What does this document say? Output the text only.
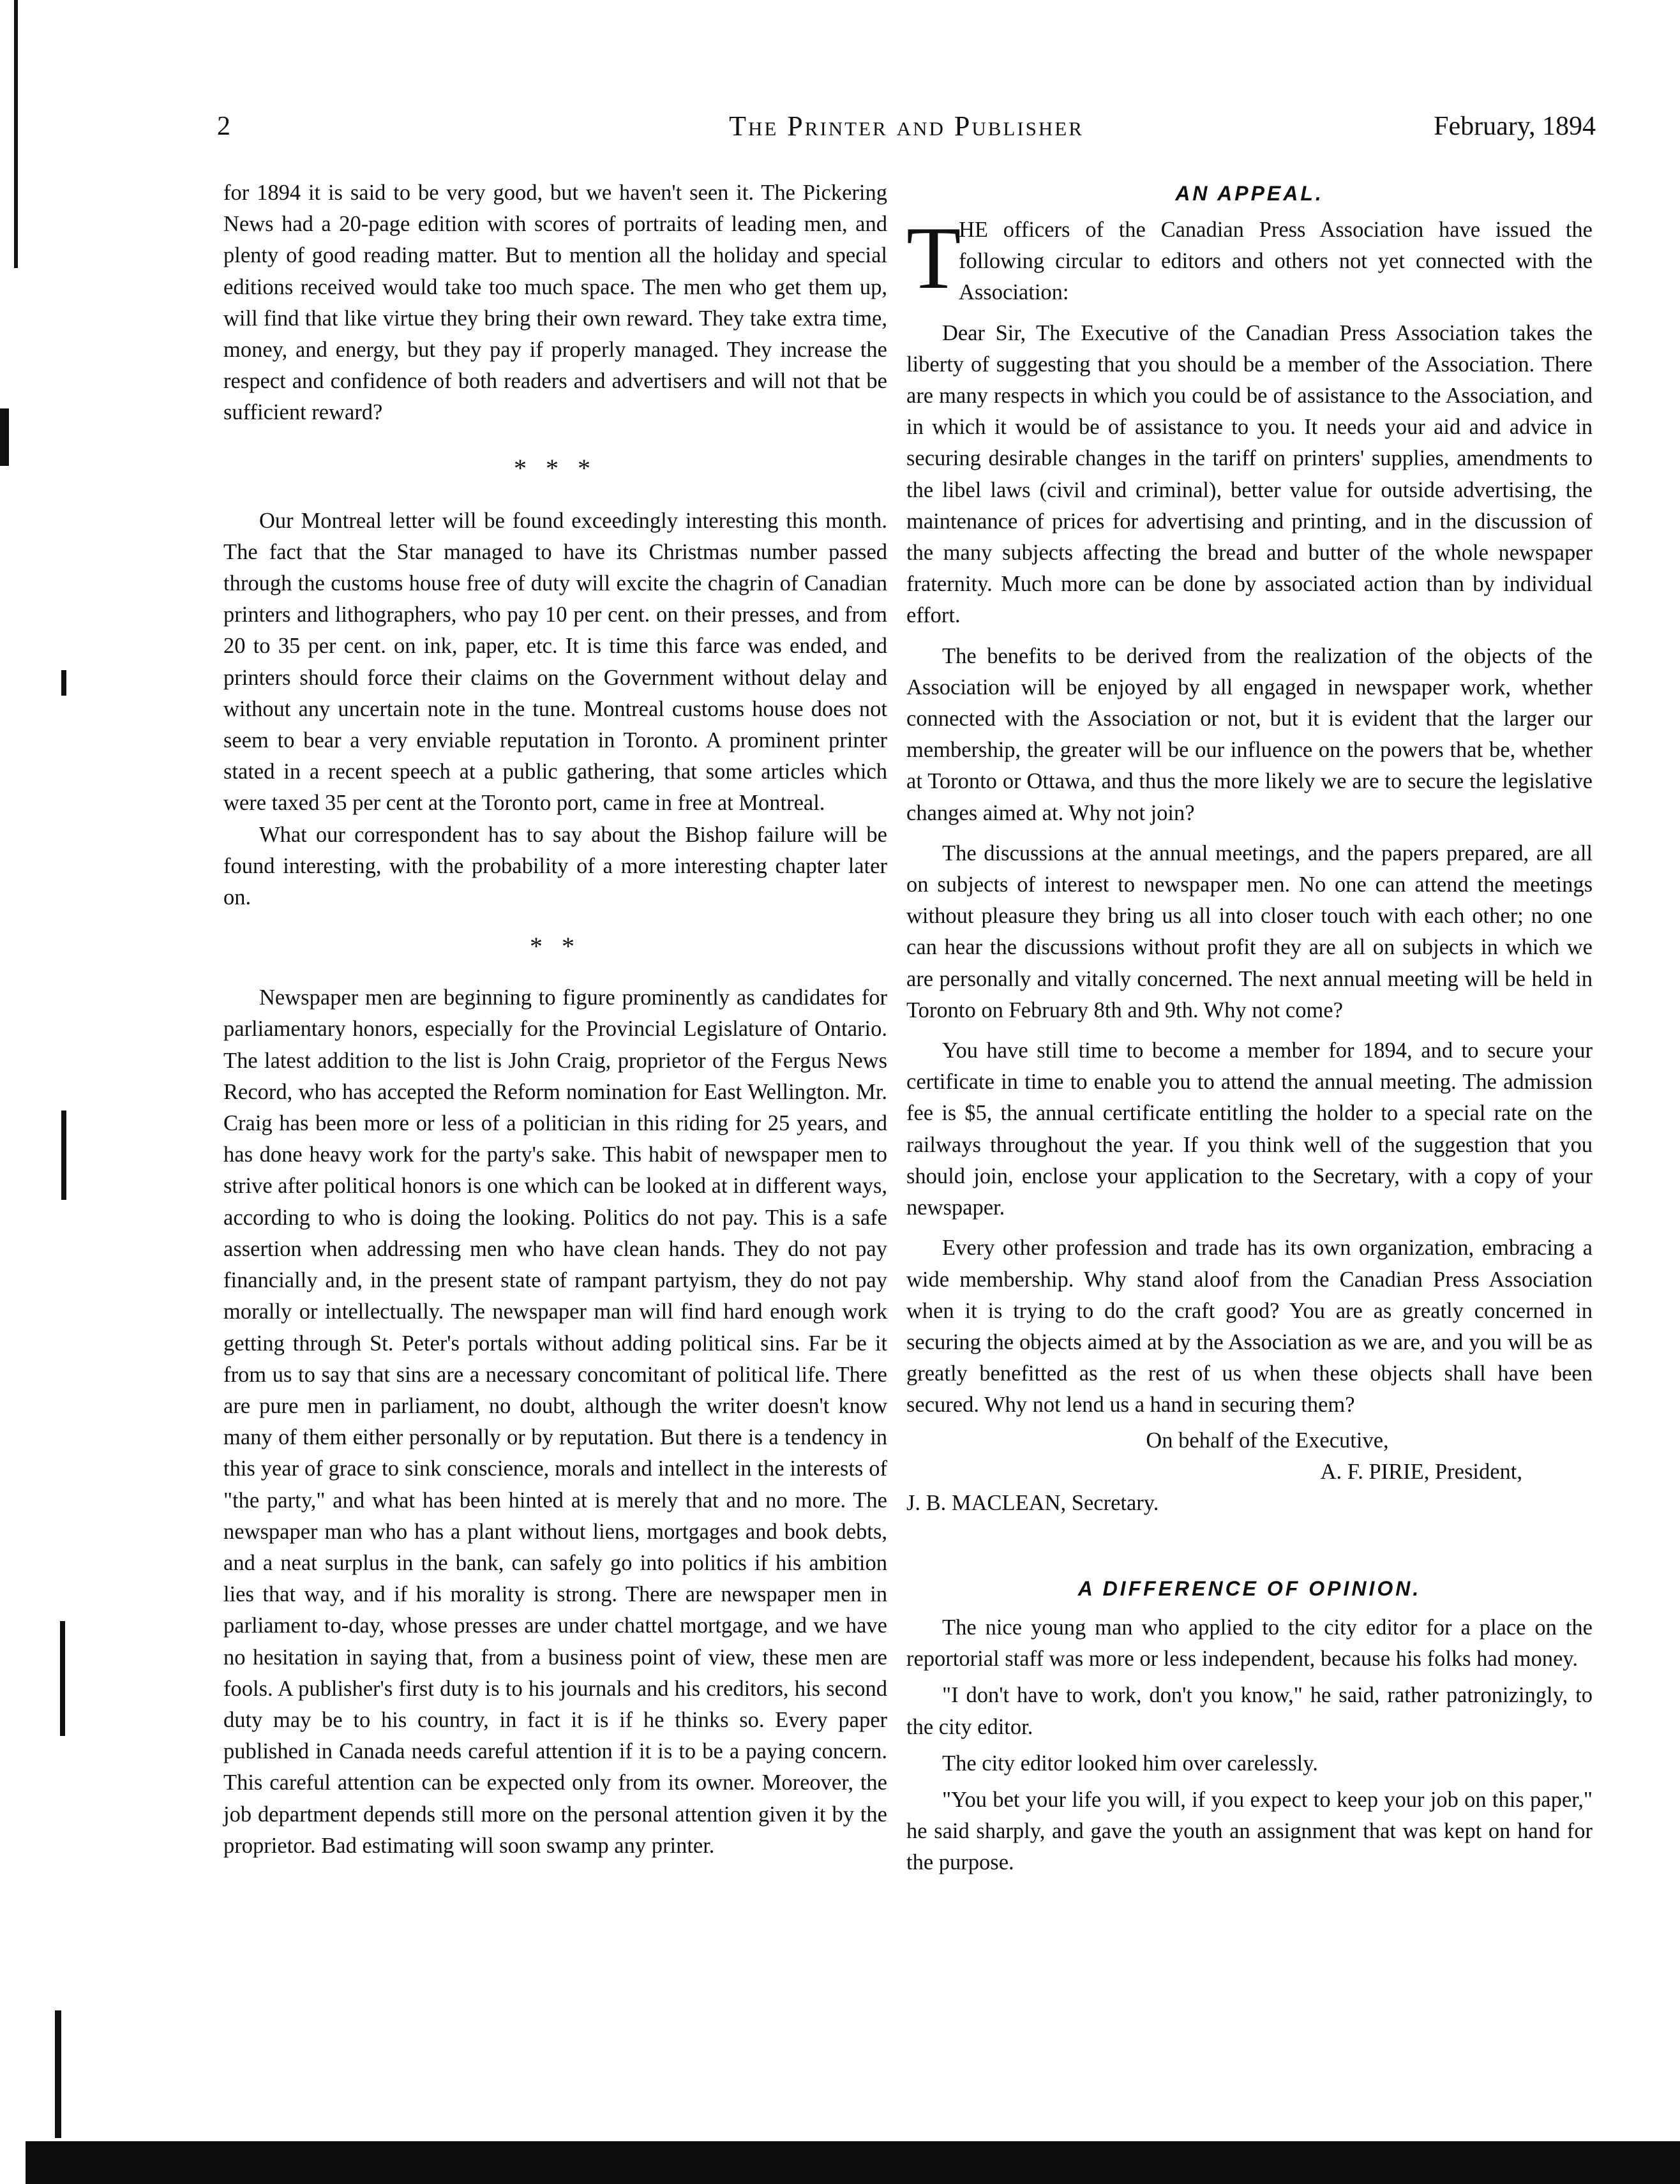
2	The Printer and Publisher	February, 1894

for 1894 it is said to be very good, but we haven't seen it. The Pickering News had a 20-page edition with scores of portraits of leading men, and plenty of good reading matter. But to mention all the holiday and special editions received would take too much space. The men who get them up, will find that like virtue they bring their own reward. They take extra time, money, and energy, but they pay if properly managed. They increase the respect and confidence of both readers and advertisers and will not that be sufficient reward?

* * *

Our Montreal letter will be found exceedingly interesting this month. The fact that the Star managed to have its Christmas number passed through the customs house free of duty will excite the chagrin of Canadian printers and lithographers, who pay 10 per cent. on their presses, and from 20 to 35 per cent. on ink, paper, etc. It is time this farce was ended, and printers should force their claims on the Government without delay and without any uncertain note in the tune. Montreal customs house does not seem to bear a very enviable reputation in Toronto. A prominent printer stated in a recent speech at a public gathering, that some articles which were taxed 35 per cent at the Toronto port, came in free at Montreal.

What our correspondent has to say about the Bishop failure will be found interesting, with the probability of a more interesting chapter later on.

* *

Newspaper men are beginning to figure prominently as candidates for parliamentary honors, especially for the Provincial Legislature of Ontario. The latest addition to the list is John Craig, proprietor of the Fergus News Record, who has accepted the Reform nomination for East Wellington. Mr. Craig has been more or less of a politician in this riding for 25 years, and has done heavy work for the party's sake. This habit of newspaper men to strive after political honors is one which can be looked at in different ways, according to who is doing the looking. Politics do not pay. This is a safe assertion when addressing men who have clean hands. They do not pay financially and, in the present state of rampant partyism, they do not pay morally or intellectually. The newspaper man will find hard enough work getting through St. Peter's portals without adding political sins. Far be it from us to say that sins are a necessary concomitant of political life. There are pure men in parliament, no doubt, although the writer doesn't know many of them either personally or by reputation. But there is a tendency in this year of grace to sink conscience, morals and intellect in the interests of "the party," and what has been hinted at is merely that and no more. The newspaper man who has a plant without liens, mortgages and book debts, and a neat surplus in the bank, can safely go into politics if his ambition lies that way, and if his morality is strong. There are newspaper men in parliament to-day, whose presses are under chattel mortgage, and we have no hesitation in saying that, from a business point of view, these men are fools. A publisher's first duty is to his journals and his creditors, his second duty may be to his country, in fact it is if he thinks so. Every paper published in Canada needs careful attention if it is to be a paying concern. This careful attention can be expected only from its owner. Moreover, the job department depends still more on the personal attention given it by the proprietor. Bad estimating will soon swamp any printer.

AN APPEAL.

T
HE officers of the Canadian Press Association have issued the following circular to editors and others not yet connected with the Association:

Dear Sir, The Executive of the Canadian Press Association takes the liberty of suggesting that you should be a member of the Association. There are many respects in which you could be of assistance to the Association, and in which it would be of assistance to you. It needs your aid and advice in securing desirable changes in the tariff on printers' supplies, amendments to the libel laws (civil and criminal), better value for outside advertising, the maintenance of prices for advertising and printing, and in the discussion of the many subjects affecting the bread and butter of the whole newspaper fraternity. Much more can be done by associated action than by individual effort.

The benefits to be derived from the realization of the objects of the Association will be enjoyed by all engaged in newspaper work, whether connected with the Association or not, but it is evident that the larger our membership, the greater will be our influence on the powers that be, whether at Toronto or Ottawa, and thus the more likely we are to secure the legislative changes aimed at. Why not join?

The discussions at the annual meetings, and the papers prepared, are all on subjects of interest to newspaper men. No one can attend the meetings without pleasure they bring us all into closer touch with each other; no one can hear the discussions without profit they are all on subjects in which we are personally and vitally concerned. The next annual meeting will be held in Toronto on February 8th and 9th. Why not come?

You have still time to become a member for 1894, and to secure your certificate in time to enable you to attend the annual meeting. The admission fee is $5, the annual certificate entitling the holder to a special rate on the railways throughout the year. If you think well of the suggestion that you should join, enclose your application to the Secretary, with a copy of your newspaper.

Every other profession and trade has its own organization, embracing a wide membership. Why stand aloof from the Canadian Press Association when it is trying to do the craft good? You are as greatly concerned in securing the objects aimed at by the Association as we are, and you will be as greatly benefitted as the rest of us when these objects shall have been secured. Why not lend us a hand in securing them?

On behalf of the Executive,

A. F. PIRIE, President,

J. B. MACLEAN, Secretary.
A DIFFERENCE OF OPINION.

The nice young man who applied to the city editor for a place on the reportorial staff was more or less independent, because his folks had money.

"I don't have to work, don't you know," he said, rather patronizingly, to the city editor.

The city editor looked him over carelessly.

"You bet your life you will, if you expect to keep your job on this paper," he said sharply, and gave the youth an assignment that was kept on hand for the purpose.
